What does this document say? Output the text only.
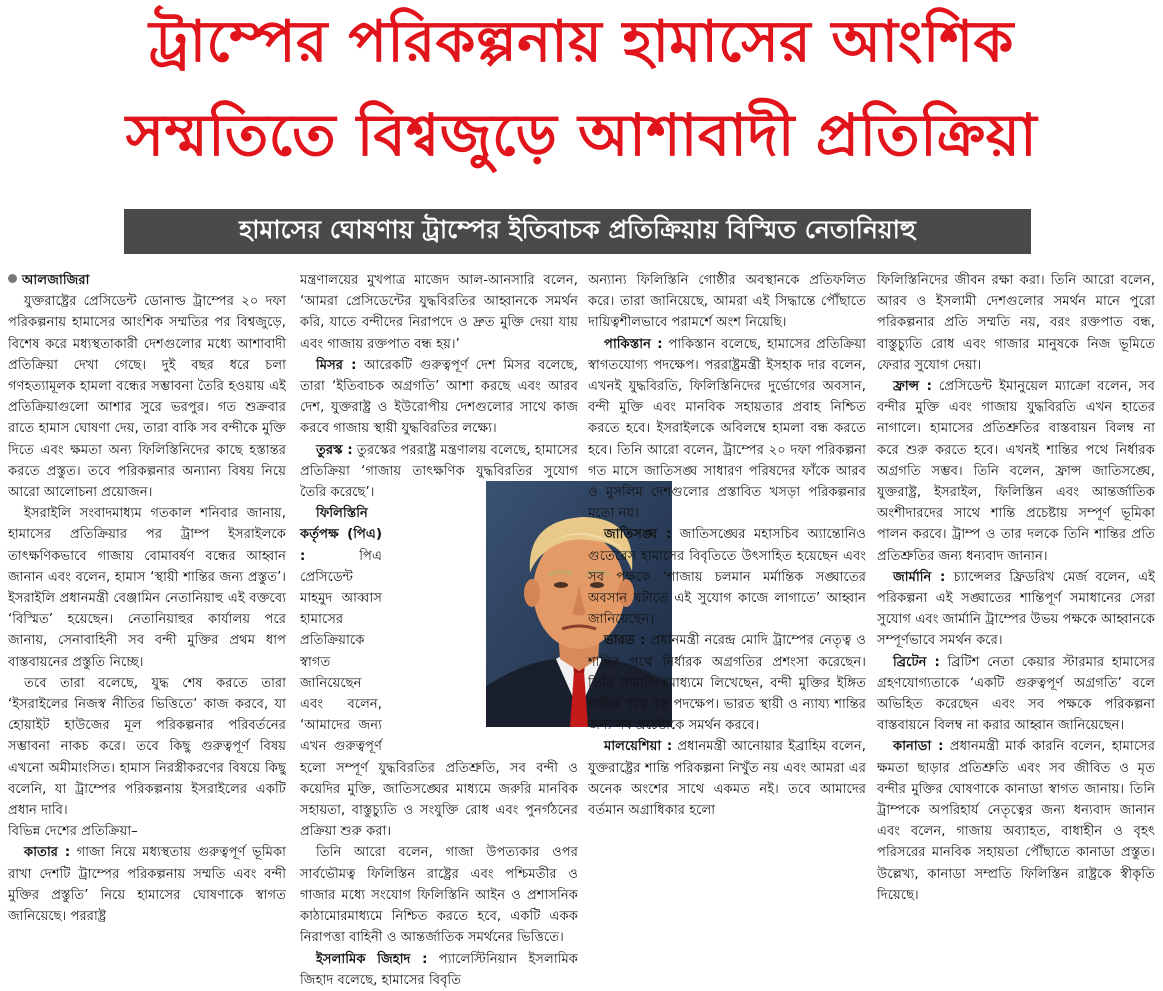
ট্রাম্পের পরিকল্পনায় হামাসের আংশিক
সম্মতিতে বিশ্বজুড়ে আশাবাদী প্রতিক্রিয়া
হামাসের ঘোষণায় ট্রাম্পের ইতিবাচক প্রতিক্রিয়ায় বিস্মিত নেতানিয়াহু

আলজাজিরা

যুক্তরাষ্ট্রের প্রেসিডেন্ট ডোনাল্ড ট্রাম্পের ২০ দফা পরিকল্পনায় হামাসের আংশিক সম্মতির পর বিশ্বজুড়ে, বিশেষ করে মধ্যস্থতাকারী দেশগুলোর মধ্যে আশাবাদী প্রতিক্রিয়া দেখা গেছে। দুই বছর ধরে চলা গণহত্যামূলক হামলা বন্ধের সম্ভাবনা তৈরি হওয়ায় এই প্রতিক্রিয়াগুলো আশার সুরে ভরপুর। গত শুক্রবার রাতে হামাস ঘোষণা দেয়, তারা বাকি সব বন্দীকে মুক্তি দিতে এবং ক্ষমতা অন্য ফিলিস্তিনিদের কাছে হস্তান্তর করতে প্রস্তুত। তবে পরিকল্পনার অন্যান্য বিষয় নিয়ে আরো আলোচনা প্রয়োজন।

ইসরাইলি সংবাদমাধ্যম গতকাল শনিবার জানায়, হামাসের প্রতিক্রিয়ার পর ট্রাম্প ইসরাইলকে তাৎক্ষণিকভাবে গাজায় বোমাবর্ষণ বন্ধের আহ্বান জানান এবং বলেন, হামাস ‘স্থায়ী শান্তির জন্য প্রস্তুত’। ইসরাইলি প্রধানমন্ত্রী বেঞ্জামিন নেতানিয়াহু এই বক্তব্যে ‘বিস্মিত’ হয়েছেন। নেতানিয়াহুর কার্যালয় পরে জানায়, সেনাবাহিনী সব বন্দী মুক্তির প্রথম ধাপ বাস্তবায়নের প্রস্তুতি নিচ্ছে।

তবে তারা বলেছে, যুদ্ধ শেষ করতে তারা ‘ইসরাইলের নিজস্ব নীতির ভিত্তিতে’ কাজ করবে, যা হোয়াইট হাউজের মূল পরিকল্পনার পরিবর্তনের সম্ভাবনা নাকচ করে। তবে কিছু গুরুত্বপূর্ণ বিষয় এখনো অমীমাংসিত। হামাস নিরস্ত্রীকরণের বিষয়ে কিছু বলেনি, যা ট্রাম্পের পরিকল্পনায় ইসরাইলের একটি প্রধান দাবি।

বিভিন্ন দেশের প্রতিক্রিয়া–

কাতার : গাজা নিয়ে মধ্যস্থতায় গুরুত্বপূর্ণ ভূমিকা রাখা দেশটি ট্রাম্পের পরিকল্পনায় সম্মতি এবং বন্দী মুক্তির প্রস্তুতি’ নিয়ে হামাসের ঘোষণাকে স্বাগত জানিয়েছে। পররাষ্ট্র

মন্ত্রণালয়ের মুখপাত্র মাজেদ আল-আনসারি বলেন, ‘আমরা প্রেসিডেন্টের যুদ্ধবিরতির আহ্বানকে সমর্থন করি, যাতে বন্দীদের নিরাপদে ও দ্রুত মুক্তি দেয়া যায় এবং গাজায় রক্তপাত বন্ধ হয়।’

মিসর : আরেকটি গুরুত্বপূর্ণ দেশ মিসর বলেছে, তারা ‘ইতিবাচক অগ্রগতি’ আশা করছে এবং আরব দেশ, যুক্তরাষ্ট্র ও ইউরোপীয় দেশগুলোর সাথে কাজ করবে গাজায় স্থায়ী যুদ্ধবিরতির লক্ষ্যে।

তুরস্ক : তুরস্কের পররাষ্ট্র মন্ত্রণালয় বলেছে, হামাসের প্রতিক্রিয়া ‘গাজায় তাৎক্ষণিক যুদ্ধবিরতির সুযোগ তৈরি করেছে’।

ফিলিস্তিনি কর্তৃপক্ষ (পিএ) :	পিএ প্রেসিডেন্ট মাহমুদ আব্বাস হামাসের প্রতিক্রিয়াকে স্বাগত জানিয়েছেন এবং বলেন, ‘আমাদের জন্য এখন গুরুত্বপূর্ণ হলো সম্পূর্ণ যুদ্ধবিরতির প্রতিশ্রুতি, সব বন্দী ও কয়েদির মুক্তি, জাতিসঙ্ঘের মাধ্যমে জরুরি মানবিক সহায়তা, বাস্তুচ্যুতি ও সংযুক্তি রোধ এবং পুনর্গঠনের প্রক্রিয়া শুরু করা।

তিনি আরো বলেন, গাজা উপত্যকার ওপর সার্বভৌমত্ব ফিলিস্তিন রাষ্ট্রের এবং পশ্চিমতীর ও গাজার মধ্যে সংযোগ ফিলিস্তিনি আইন ও প্রশাসনিক কাঠামোরমাধ্যমে নিশ্চিত করতে হবে, একটি একক নিরাপত্তা বাহিনী ও আন্তর্জাতিক সমর্থনের ভিত্তিতে।

ইসলামিক জিহাদ : প্যালেস্টিনিয়ান ইসলামিক জিহাদ বলেছে, হামাসের বিবৃতি

অন্যান্য ফিলিস্তিনি গোষ্ঠীর অবস্থানকে প্রতিফলিত করে। তারা জানিয়েছে, আমরা এই সিদ্ধান্তে পৌঁছাতে দায়িত্বশীলভাবে পরামর্শে অংশ নিয়েছি।

পাকিস্তান : পাকিস্তান বলেছে, হামাসের প্রতিক্রিয়া স্বাগতযোগ্য পদক্ষেপ। পররাষ্ট্রমন্ত্রী ইসহাক দার বলেন, এখনই যুদ্ধবিরতি, ফিলিস্তিনিদের দুর্ভোগের অবসান, বন্দী মুক্তি এবং মানবিক সহায়তার প্রবাহ নিশ্চিত করতে হবে। ইসরাইলকে অবিলম্বে হামলা বন্ধ করতে হবে। তিনি আরো বলেন, ট্রাম্পের ২০ দফা পরিকল্পনা গত মাসে জাতিসঙ্ঘ সাধারণ পরিষদের ফাঁকে আরব ও মুসলিম দেশগুলোর প্রস্তাবিত খসড়া পরিকল্পনার মতো নয়।

জাতিসঙ্ঘ : জাতিসঙ্ঘের মহাসচিব অ্যান্তোনিও গুতেরেস হামাসের বিবৃতিতে উৎসাহিত হয়েছেন এবং সব পক্ষকে ‘গাজায় চলমান মর্মান্তিক সঙ্ঘাতের অবসান ঘটাতে এই সুযোগ কাজে লাগাতে’ আহ্বান জানিয়েছেন।

ভারত : প্রধানমন্ত্রী নরেন্দ্র মোদি ট্রাম্পের নেতৃত্ব ও শান্তির পথে নির্ধারক অগ্রগতির প্রশংসা করেছেন। তিনি সামাজিকমাধ্যমে লিখেছেন, বন্দী মুক্তির ইঙ্গিত শান্তির পথে বড় পদক্ষেপ। ভারত স্থায়ী ও ন্যায্য শান্তির জন্য সব প্রচেষ্টাকে সমর্থন করবে।

মালয়েশিয়া : প্রধানমন্ত্রী আনোয়ার ইব্রাহিম বলেন, যুক্তরাষ্ট্রের শান্তি পরিকল্পনা নিখুঁত নয় এবং আমরা এর অনেক অংশের সাথে একমত নই। তবে আমাদের বর্তমান অগ্রাধিকার হলো

ফিলিস্তিনিদের জীবন রক্ষা করা। তিনি আরো বলেন, আরব ও ইসলামী দেশগুলোর সমর্থন মানে পুরো পরিকল্পনার প্রতি সম্মতি নয়, বরং রক্তপাত বন্ধ, বাস্তুচ্যুতি রোধ এবং গাজার মানুষকে নিজ ভূমিতে ফেরার সুযোগ দেয়া।

ফ্রান্স : প্রেসিডেন্ট ইমানুয়েল ম্যাক্রো বলেন, সব বন্দীর মুক্তি এবং গাজায় যুদ্ধবিরতি এখন হাতের নাগালে। হামাসের প্রতিশ্রুতির বাস্তবায়ন বিলম্ব না করে শুরু করতে হবে। এখনই শান্তির পথে নির্ধারক অগ্রগতি সম্ভব। তিনি বলেন, ফ্রান্স জাতিসঙ্ঘে, যুক্তরাষ্ট্র, ইসরাইল, ফিলিস্তিন এবং আন্তর্জাতিক অংশীদারদের সাথে শান্তি প্রচেষ্টায় সম্পূর্ণ ভূমিকা পালন করবে। ট্রাম্প ও তার দলকে তিনি শান্তির প্রতি প্রতিশ্রুতির জন্য ধন্যবাদ জানান।

জার্মানি : চ্যান্সেলর ফ্রিডরিখ মের্জ বলেন, এই পরিকল্পনা এই সঙ্ঘাতের শান্তিপূর্ণ সমাধানের সেরা সুযোগ এবং জার্মানি ট্রাম্পের উভয় পক্ষকে আহ্বানকে সম্পূর্ণভাবে সমর্থন করে।

ব্রিটেন : ব্রিটিশ নেতা কেয়ার স্টারমার হামাসের গ্রহণযোগ্যতাকে ‘একটি গুরুত্বপূর্ণ অগ্রগতি’ বলে অভিহিত করেছেন এবং সব পক্ষকে পরিকল্পনা বাস্তবায়নে বিলম্ব না করার আহ্বান জানিয়েছেন।

কানাডা : প্রধানমন্ত্রী মার্ক কারনি বলেন, হামাসের ক্ষমতা ছাড়ার প্রতিশ্রুতি এবং সব জীবিত ও মৃত বন্দীর মুক্তির ঘোষণাকে কানাডা স্বাগত জানায়। তিনি ট্রাম্পকে অপরিহার্য নেতৃত্বের জন্য ধন্যবাদ জানান এবং বলেন, গাজায় অব্যাহত, বাধাহীন ও বৃহৎ পরিসরের মানবিক সহায়তা পৌঁছাতে কানাডা প্রস্তুত। উল্লেখ্য, কানাডা সম্প্রতি ফিলিস্তিন রাষ্ট্রকে স্বীকৃতি দিয়েছে।
